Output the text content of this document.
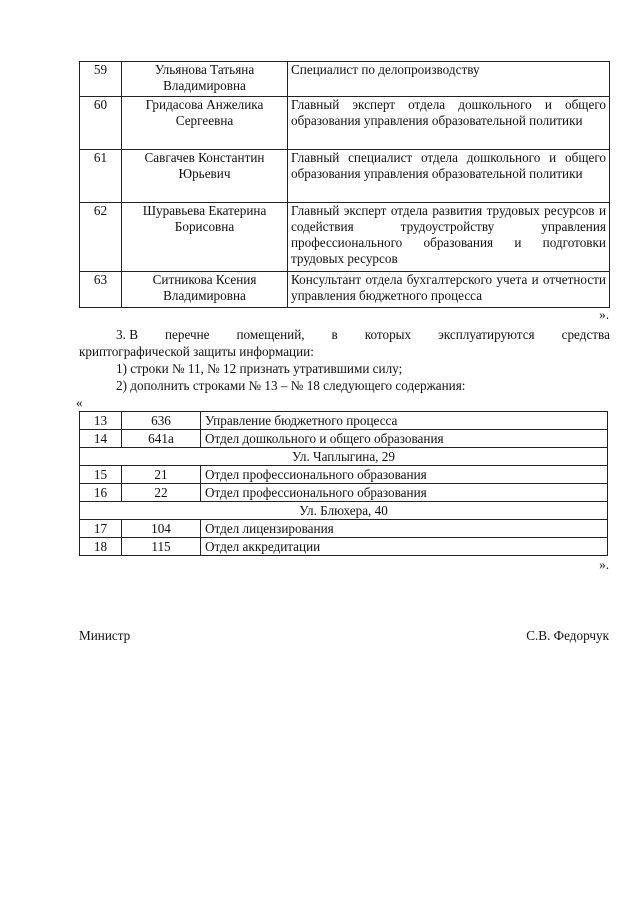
59	Ульянова Татьяна Владимировна	Специалист по делопроизводству
60	Гридасова Анжелика Сергеевна	Главный эксперт отдела дошкольного и общего образования управления образовательной политики
61	Савгачев Константин Юрьевич	Главный специалист отдела дошкольного и общего образования управления образовательной политики
62	Шуравьева Екатерина Борисовна	Главный эксперт отдела развития трудовых ресурсов и содействия трудоустройству управления профессионального образования и подготовки трудовых ресурсов
63	Ситникова Ксения Владимировна	Консультант отдела бухгалтерского учета и отчетности управления бюджетного процесса
».
3. В перечне помещений, в которых эксплуатируются средства
криптографической защиты информации:
1) строки № 11, № 12 признать утратившими силу;
2) дополнить строками № 13 – № 18 следующего содержания:
«
13	636	Управление бюджетного процесса
14	641а	Отдел дошкольного и общего образования
Ул. Чаплыгина, 29		
15	21	Отдел профессионального образования
16	22	Отдел профессионального образования
Ул. Блюхера, 40		
17	104	Отдел лицензирования
18	115	Отдел аккредитации
».
Министр	С.В. Федорчук
